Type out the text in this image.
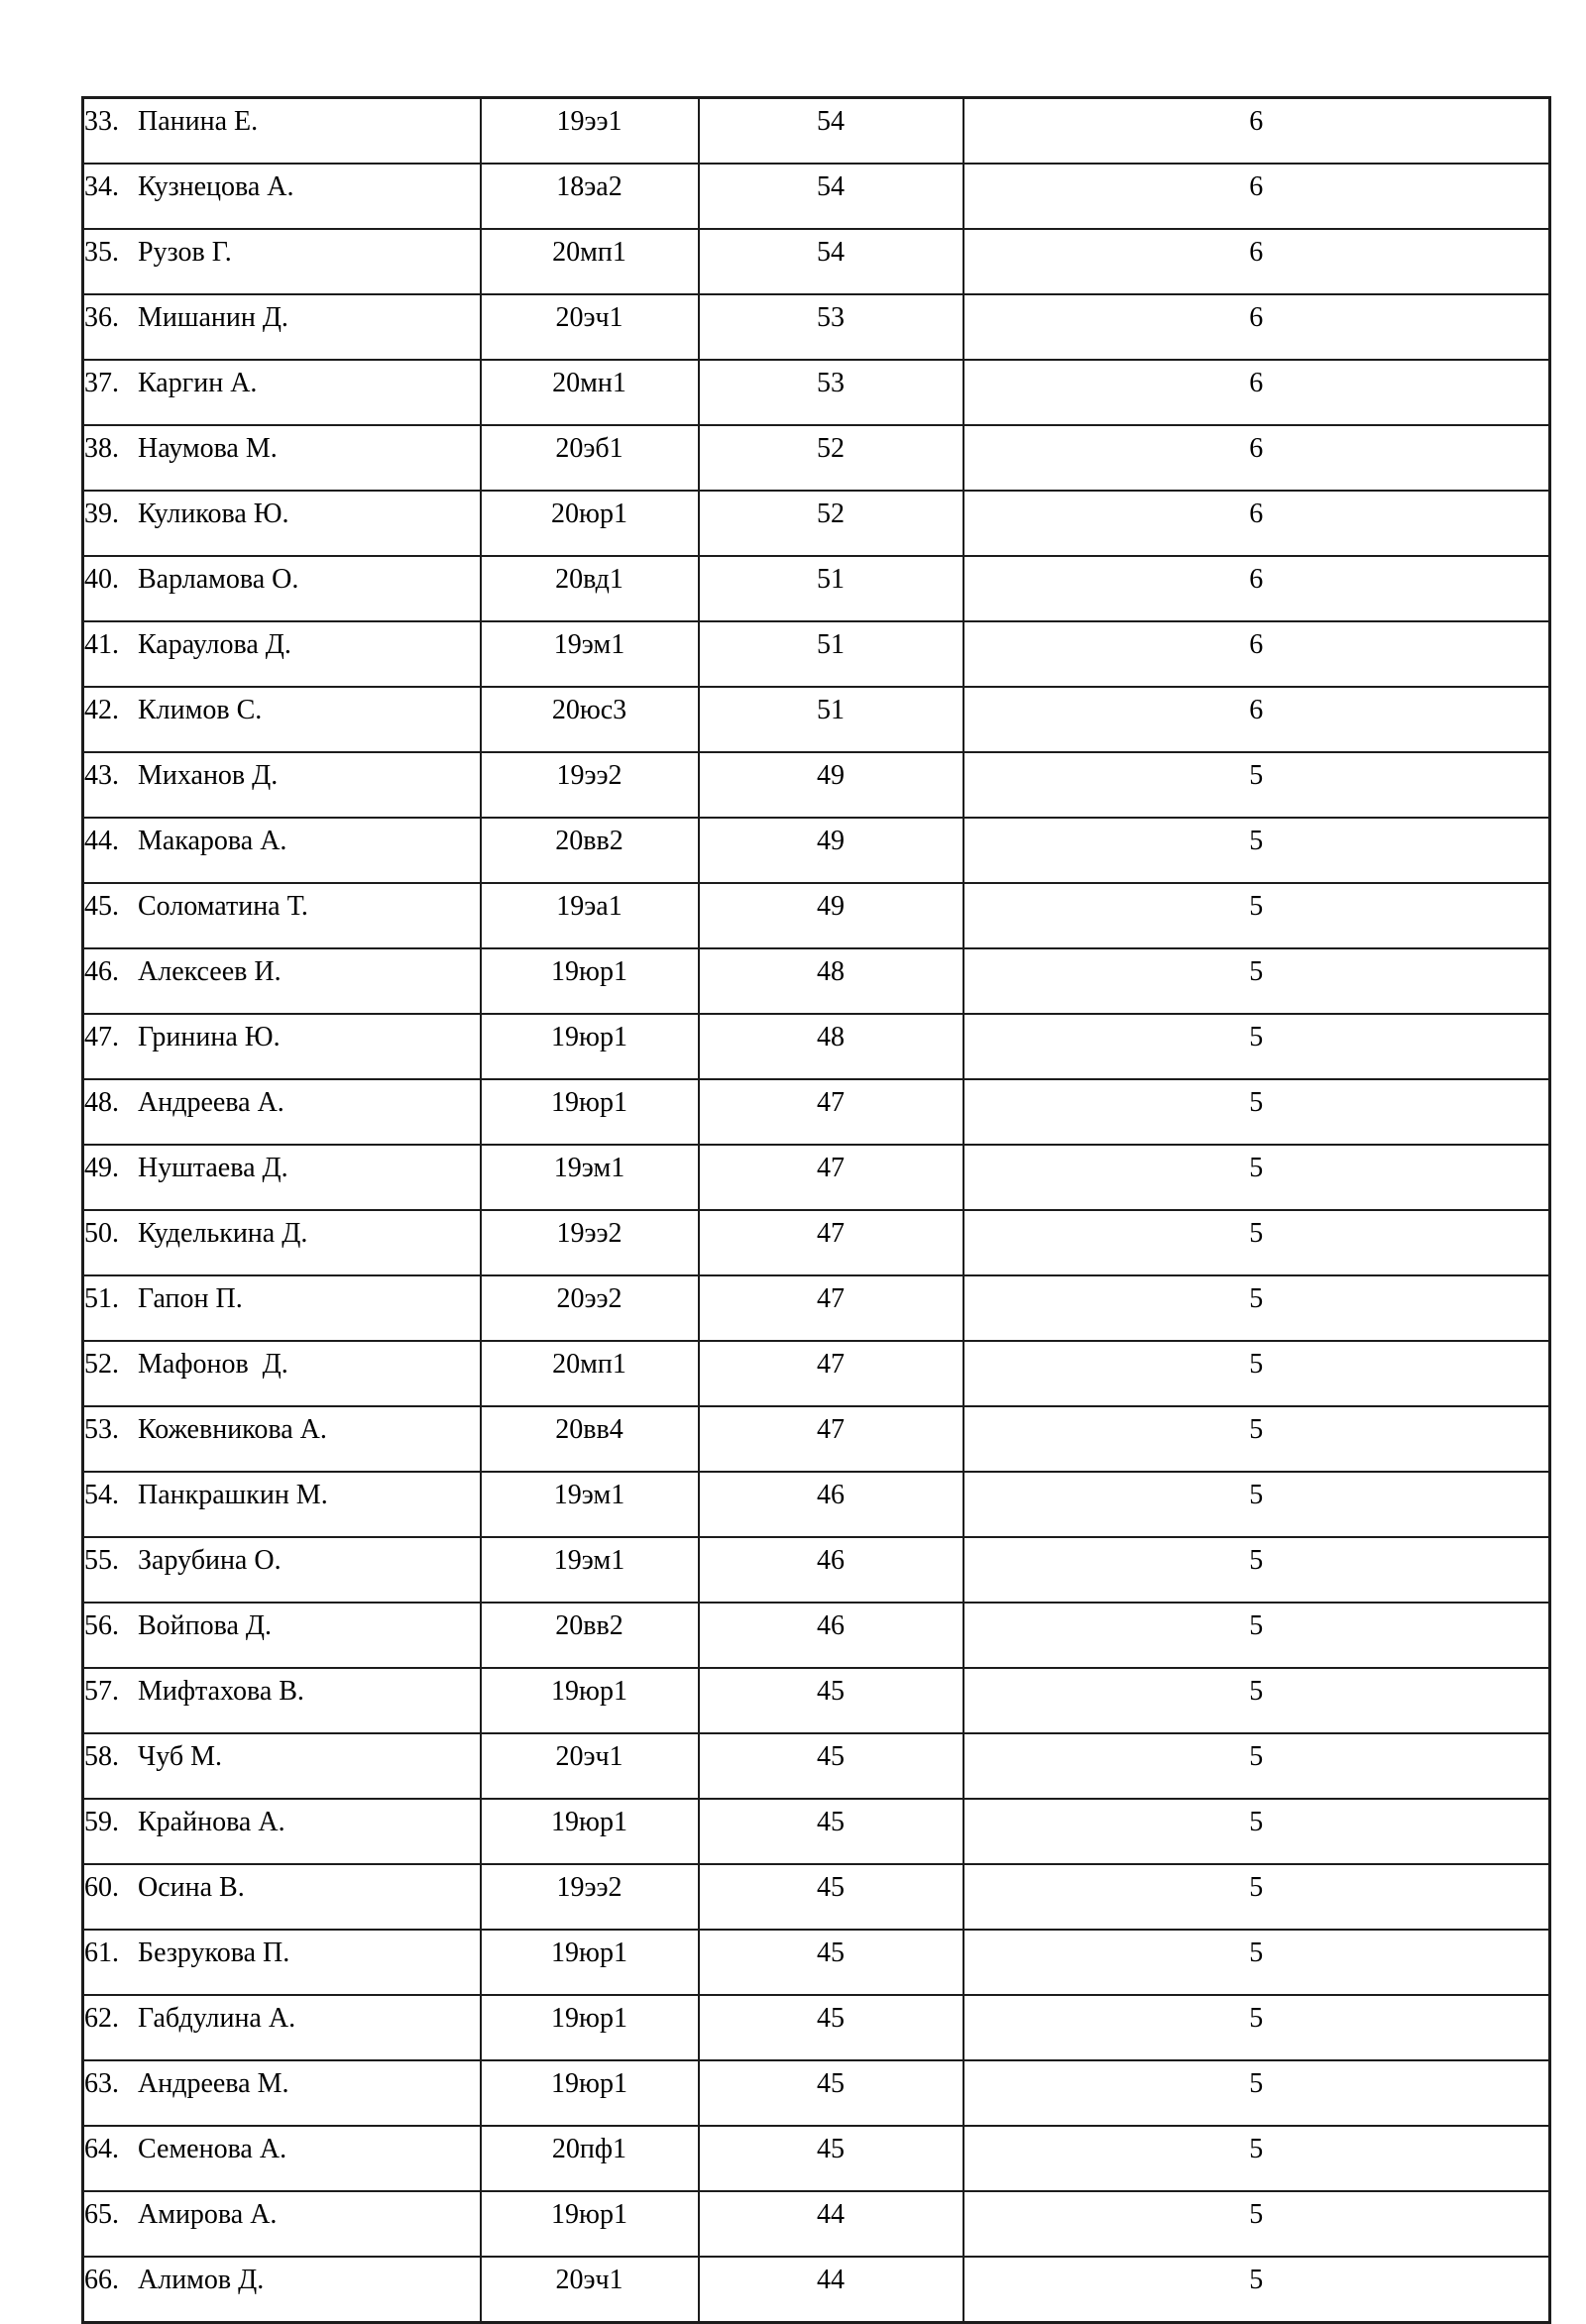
33. Панина Е.	19ээ1	54	6
34. Кузнецова А.	18эа2	54	6
35. Рузов Г.	20мп1	54	6
36. Мишанин Д.	20эч1	53	6
37. Каргин А.	20мн1	53	6
38. Наумова М.	20эб1	52	6
39. Куликова Ю.	20юр1	52	6
40. Варламова О.	20вд1	51	6
41. Караулова Д.	19эм1	51	6
42. Климов С.	20юс3	51	6
43. Миханов Д.	19ээ2	49	5
44. Макарова А.	20вв2	49	5
45. Соломатина Т.	19эа1	49	5
46. Алексеев И.	19юр1	48	5
47. Гринина Ю.	19юр1	48	5
48. Андреева А.	19юр1	47	5
49. Нуштаева Д.	19эм1	47	5
50. Куделькина Д.	19ээ2	47	5
51. Гапон П.	20ээ2	47	5
52. Мафонов  Д.	20мп1	47	5
53. Кожевникова А.	20вв4	47	5
54. Панкрашкин М.	19эм1	46	5
55. Зарубина О.	19эм1	46	5
56. Войпова Д.	20вв2	46	5
57. Мифтахова В.	19юр1	45	5
58. Чуб М.	20эч1	45	5
59. Крайнова А.	19юр1	45	5
60. Осина В.	19ээ2	45	5
61. Безрукова П.	19юр1	45	5
62. Габдулина А.	19юр1	45	5
63. Андреева М.	19юр1	45	5
64. Семенова А.	20пф1	45	5
65. Амирова А.	19юр1	44	5
66. Алимов Д.	20эч1	44	5
